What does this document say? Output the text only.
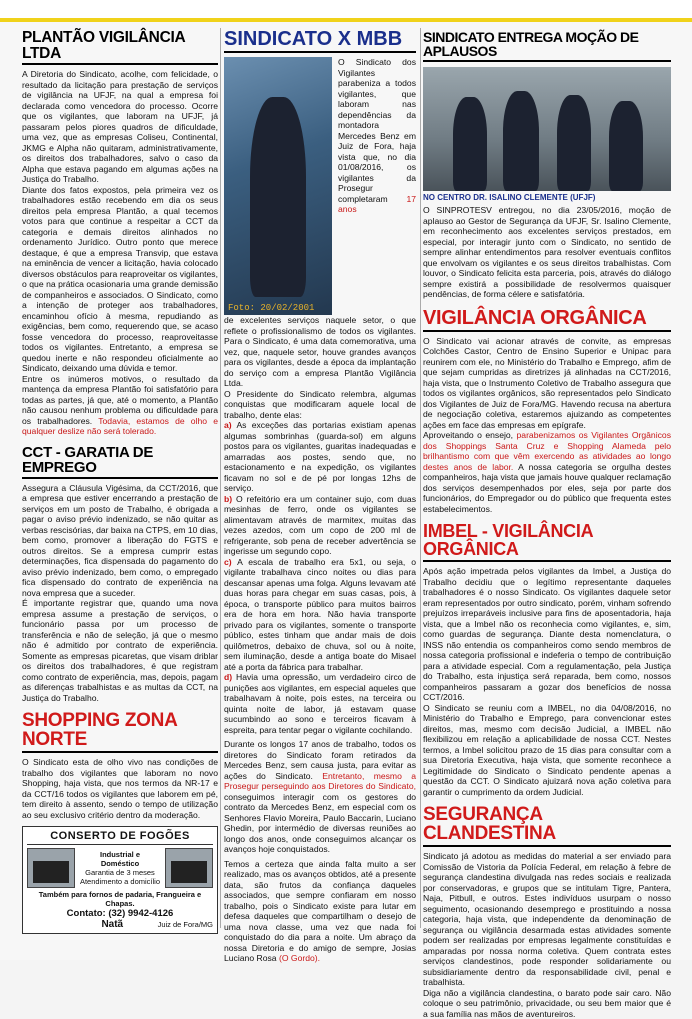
PLANTÃO VIGILÂNCIA LTDA

A Diretoria do Sindicato, acolhe, com felicidade, o resultado da licitação para prestação de serviços de vigilância na UFJF, na qual a empresa foi declarada como vencedora do processo. Ocorre que os vigilantes, que laboram na UFJF, já passaram pelos piores quadros de dificuldade, uma vez, que as empresas Coliseu, Continental, JKMG e Alpha não quitaram, administrativamente, os direitos dos trabalhadores, salvo o caso da Alpha que estava pagando em algumas ações na Justiça do Trabalho.

Diante dos fatos expostos, pela primeira vez os trabalhadores estão recebendo em dia os seus direitos pela empresa Plantão, a qual tecemos votos para que continue a respeitar a CCT da categoria e demais direitos alinhados no ordenamento Jurídico. Outro ponto que merece destaque, é que a empresa Transvip, que estava na eminência de vencer a licitação, havia colocado diversos obstáculos para reaproveitar os vigilantes, o que na prática ocasionaria uma grande demissão de companheiros e associados. O Sindicato, como a intenção de proteger aos trabalhadores, encaminhou ofício à mesma, repudiando as exigências, bem como, requerendo que, se acaso fosse vencedora do processo, reaproveitasse todos os vigilantes. Entretanto, a empresa se quedou inerte e não respondeu oficialmente ao Sindicato, deixando uma dúvida e temor.

Entre os inúmeros motivos, o resultado da mantença da empresa Plantão foi satisfatório para todas as partes, já que, até o momento, a Plantão não causou nenhum problema ou dificuldade para os trabalhadores. Todavia, estamos de olho e qualquer deslize não será tolerado.

CCT - GARATIA DE EMPREGO

Assegura a Cláusula Vigésima, da CCT/2016, que a empresa que estiver encerrando a prestação de serviços em um posto de Trabalho, é obrigada a pagar o aviso prévio indenizado, se não quitar as verbas rescisórias, dar baixa na CTPS, em 10 dias, bem como, promover a liberação do FGTS e outros direitos. Se a empresa cumprir estas determinações, fica dispensada do pagamento do aviso prévio indenizado, bem como, o empregado fica dispensado do contrato de experiência na nova empresa que a suceder.

É importante registrar que, quando uma nova empresa assume a prestação de serviços, o funcionário passa por um processo de transferência e não de seleção, já que o mesmo não é admitido por contrato de experiência. Somente as empresas picaretas, que visam driblar os direitos dos trabalhadores, é que registram como contrato de experiência, mas, depois, pagam as diferenças trabalhistas e as multas da CCT, na Justiça do Trabalho.

SHOPPING ZONA NORTE

O Sindicato esta de olho vivo nas condições de trabalho dos vigilantes que laboram no novo Shopping, haja vista, que nos termos da NR-17 e da CCT/16 todos os vigilantes que laborem em pé, tem direito à assento, sendo o tempo de utilização ao seu exclusivo critério dentro da moderação.

CONSERTO DE FOGÕES
Industrial e
Doméstico
Garantia de 3 meses
Atendimento a domicílio
Também para fornos de padaria, Frangueira e Chapas.
Contato: (32) 9942-4126
Natã	Juiz de Fora/MG
SINDICATO X MBB
Foto: 20/02/2001

O Sindicato dos Vigilantes parabeniza a todos vigilantes, que laboram nas dependências da montadora Mercedes Benz em Juiz de Fora, haja vista que, no dia 01/08/2016, os vigilantes da Prosegur completaram 17 anos

de excelentes serviços naquele setor, o que reflete o profissionalismo de todos os vigilantes. Para o Sindicato, é uma data comemorativa, uma vez, que, naquele setor, houve grandes avanços para os vigilantes, desde a época da implantação do serviço com a empresa Plantão Vigilância Ltda.

O Presidente do Sindicato relembra, algumas conquistas que modificaram aquele local de trabalho, dente elas:

a) As exceções das portarias existiam apenas algumas sombrinhas (guarda-sol) em alguns postos para os vigilantes, guaritas inadequadas e amarradas aos postes, sendo que, no estacionamento e na expedição, os vigilantes ficavam no sol e de pé por longas 12hs de serviço.

b) O refeitório era um container sujo, com duas mesinhas de ferro, onde os vigilantes se alimentavam através de marmitex, muitas das vezes azedos, com um copo de 200 ml de refrigerante, sob pena de receber advertência se ingerisse um segundo copo.

c) A escala de trabalho era 5x1, ou seja, o vigilante trabalhava cinco noites ou dias para descansar apenas uma folga. Alguns levavam até duas horas para chegar em suas casas, pois, à época, o transporte público para muitos bairros era de hora em hora. Não havia transporte privado para os vigilantes, somente o transporte público, estes tinham que andar mais de dois quilômetros, debaixo de chuva, sol ou à noite, sem iluminação, desde a antiga boate do Misael até a porta da fábrica para trabalhar.

d) Havia uma opressão, um verdadeiro circo de punições aos vigilantes, em especial aqueles que trabalhavam à noite, pois estes, na terceira ou quinta noite de labor, já estavam quase sucumbindo ao sono e terceiros ficavam à espreita, para tentar pegar o vigilante cochilando.

Durante os longos 17 anos de trabalho, todos os diretores do Sindicato foram retirados da Mercedes Benz, sem causa justa, para evitar as ações do Sindicato. Entretanto, mesmo a Prosegur perseguindo aos Diretores do Sindicato, conseguimos interagir com os gestores do contrato da Mercedes Benz, em especial com os Senhores Flavio Moreira, Paulo Baccarin, Luciano Ghedin, por intermédio de diversas reuniões ao longo dos anos, onde conseguimos alcançar os avanços hoje conquistados.

Temos a certeza que ainda falta muito a ser realizado, mas os avanços obtidos, até a presente data, são frutos da confiança daqueles associados, que sempre confiaram em nosso trabalho, pois o Sindicato existe para lutar em defesa daqueles que compartilham o desejo de uma nova classe, uma vez que nada foi conquistado do dia para a noite. Um abraço da nossa Diretoria e do amigo de sempre, Josias Luciano Rosa (O Gordo).

SINDICATO ENTREGA MOÇÃO DE APLAUSOS
NO CENTRO DR. ISALINO CLEMENTE (UFJF)

O SINPROTESV entregou, no dia 23/05/2016, moção de aplauso ao Gestor de Segurança da UFJF, Sr. Isalino Clemente, em reconhecimento aos excelentes serviços prestados, em especial, por interagir junto com o Sindicato, no sentido de sempre alinhar entendimentos para resolver eventuais conflitos que envolvam os vigilantes e os seus direitos trabalhistas. Com louvor, o Sindicato felicita esta parceria, pois, através do diálogo sempre existirá a possibilidade de resolvermos quaisquer pendências, de forma célere e satisfatória.

VIGILÂNCIA ORGÂNICA

O Sindicato vai acionar através de convite, as empresas Colchões Castor, Centro de Ensino Superior e Unipac para reunirem com ele, no Ministério do Trabalho e Emprego, afim de que sejam cumpridas as diretrizes já alinhadas na CCT/2016, haja vista, que o Instrumento Coletivo de Trabalho assegura que todos os vigilantes orgânicos, são representados pelo Sindicato dos Vigilantes de Juiz de Fora/MG. Havendo recusa na abertura de negociação coletiva, estaremos ajuizando as competentes ações em face das empresas em epígrafe.

Aproveitando o ensejo, parabenizamos os Vigilantes Orgânicos dos Shoppings Santa Cruz e Shopping Alameda pelo brilhantismo com que vêm exercendo as atividades ao longo destes anos de labor. A nossa categoria se orgulha destes companheiros, haja vista que jamais houve qualquer reclamação dos serviços desempenhados por eles, seja por parte dos funcionários, do Empregador ou do público que frequenta estes estabelecimentos.

IMBEL - VIGILÂNCIA ORGÂNICA

Após ação impetrada pelos vigilantes da Imbel, a Justiça do Trabalho decidiu que o legítimo representante daqueles trabalhadores é o nosso Sindicato. Os vigilantes daquele setor eram representados por outro sindicato, porém, vinham sofrendo prejuízos irreparáveis inclusive para fins de aposentadoria, haja vista, que a Imbel não os reconhecia como vigilantes, e, sim, como guardas de segurança. Diante desta nomenclatura, o INSS não entendia os companheiros como sendo membros de nossa categoria profissional e indeferia o tempo de contribuição para a atividade especial. Com a regulamentação, pela Justiça do Trabalho, esta injustiça será reparada, bem como, nossos companheiros passaram a gozar dos benefícios de nossa CCT/2016.

O Sindicato se reuniu com a IMBEL, no dia 04/08/2016, no Ministério do Trabalho e Emprego, para convencionar estes direitos, mas, mesmo com decisão Judicial, a IMBEL não flexibilizou em relação a aplicabilidade de nossa CCT. Nestes termos, a Imbel solicitou prazo de 15 dias para consultar com a sua Diretoria Executiva, haja vista, que somente reconhece a Legitimidade do Sindicato o Sindicato pendente apenas a questão da CCT. O Sindicato ajuizará nova ação coletiva para garantir o cumprimento da ordem Judicial.

SEGURANÇA CLANDESTINA

Sindicato já adotou as medidas do material a ser enviado para Comissão de Vistoria da Polícia Federal, em relação à febre de segurança clandestina divulgada nas redes sociais e realizada por conservadoras, e grupos que se intitulam Tigre, Pantera, Naja, Pitbull, e outros. Estes indivíduos usurpam o nosso seguimento, ocasionando desemprego e prostituindo a nossa categoria, haja vista, que independente da denominação de segurança ou vigilância desarmada estas atividades somente podem ser realizadas por empresas legalmente constituídas e amparadas por nossa norma coletiva. Quem contrata estes serviços clandestinos, pode responder solidariamente ou subsidiariamente dentro da responsabilidade civil, penal e trabalhista.

Diga não a vigilância clandestina, o barato pode sair caro. Não coloque o seu patrimônio, privacidade, ou seu bem maior que é a sua família nas mãos de aventureiros.
